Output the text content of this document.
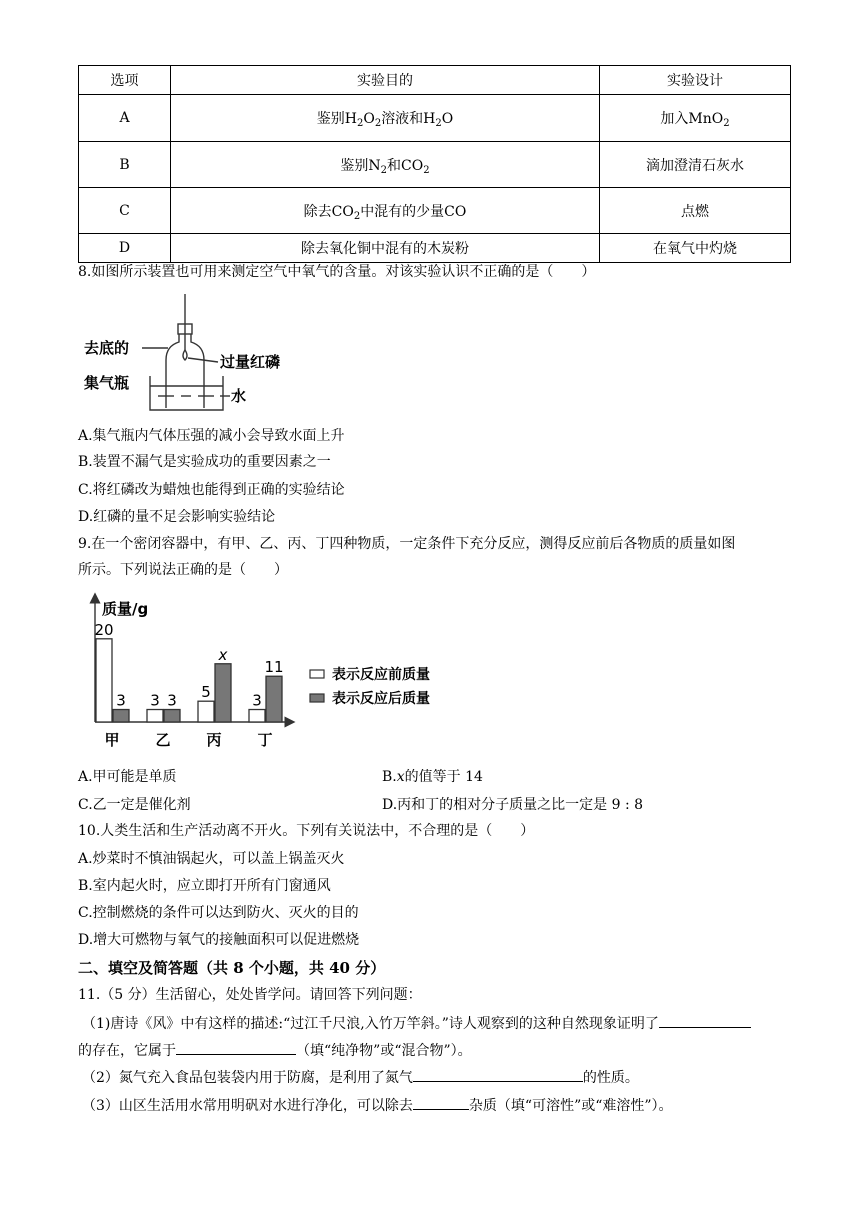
选项	实验目的	实验设计
A	鉴别$H_2O_2$溶液和$H_2O$	加入MnO$_2$
B	鉴别$N_2$和$CO_2$	滴加澄清石灰水
C	除去$CO_2$中混有的少量CO	点燃
D	除去氧化铜中混有的木炭粉	在氧气中灼烧
8.如图所示装置也可用来测定空气中氧气的含量。对该实验认识不正确的是（　　）
去底的
集气瓶
过量红磷
水
A.集气瓶内气体压强的减小会导致水面上升
B.装置不漏气是实验成功的重要因素之一
C.将红磷改为蜡烛也能得到正确的实验结论
D.红磷的量不足会影响实验结论
9.在一个密闭容器中，有甲、乙、丙、丁四种物质，一定条件下充分反应，测得反应前后各物质的质量如图
所示。下列说法正确的是（　　）
质量/g
20
3
甲
3 3
乙
5
x
丙
3
11
丁
表示反应前质量
表示反应后质量
A.甲可能是单质	B.x的值等于 14
C.乙一定是催化剂	D.丙和丁的相对分子质量之比一定是 9 : 8
10.人类生活和生产活动离不开火。下列有关说法中，不合理的是（　　）
A.炒菜时不慎油锅起火，可以盖上锅盖灭火
B.室内起火时，应立即打开所有门窗通风
C.控制燃烧的条件可以达到防火、灭火的目的
D.增大可燃物与氧气的接触面积可以促进燃烧
二、填空及简答题（共 8 个小题，共 40 分）
11.（5 分）生活留心，处处皆学问。请回答下列问题：
（1)唐诗《风》中有这样的描述:“过江千尺浪,入竹万竿斜。”诗人观察到的这种自然现象证明了
的存在，它属于	（填“纯净物”或“混合物”）。
（2）氮气充入食品包装袋内用于防腐，是利用了氮气	的性质。
（3）山区生活用水常用明矾对水进行净化，可以除去	杂质（填“可溶性”或“难溶性”）。
